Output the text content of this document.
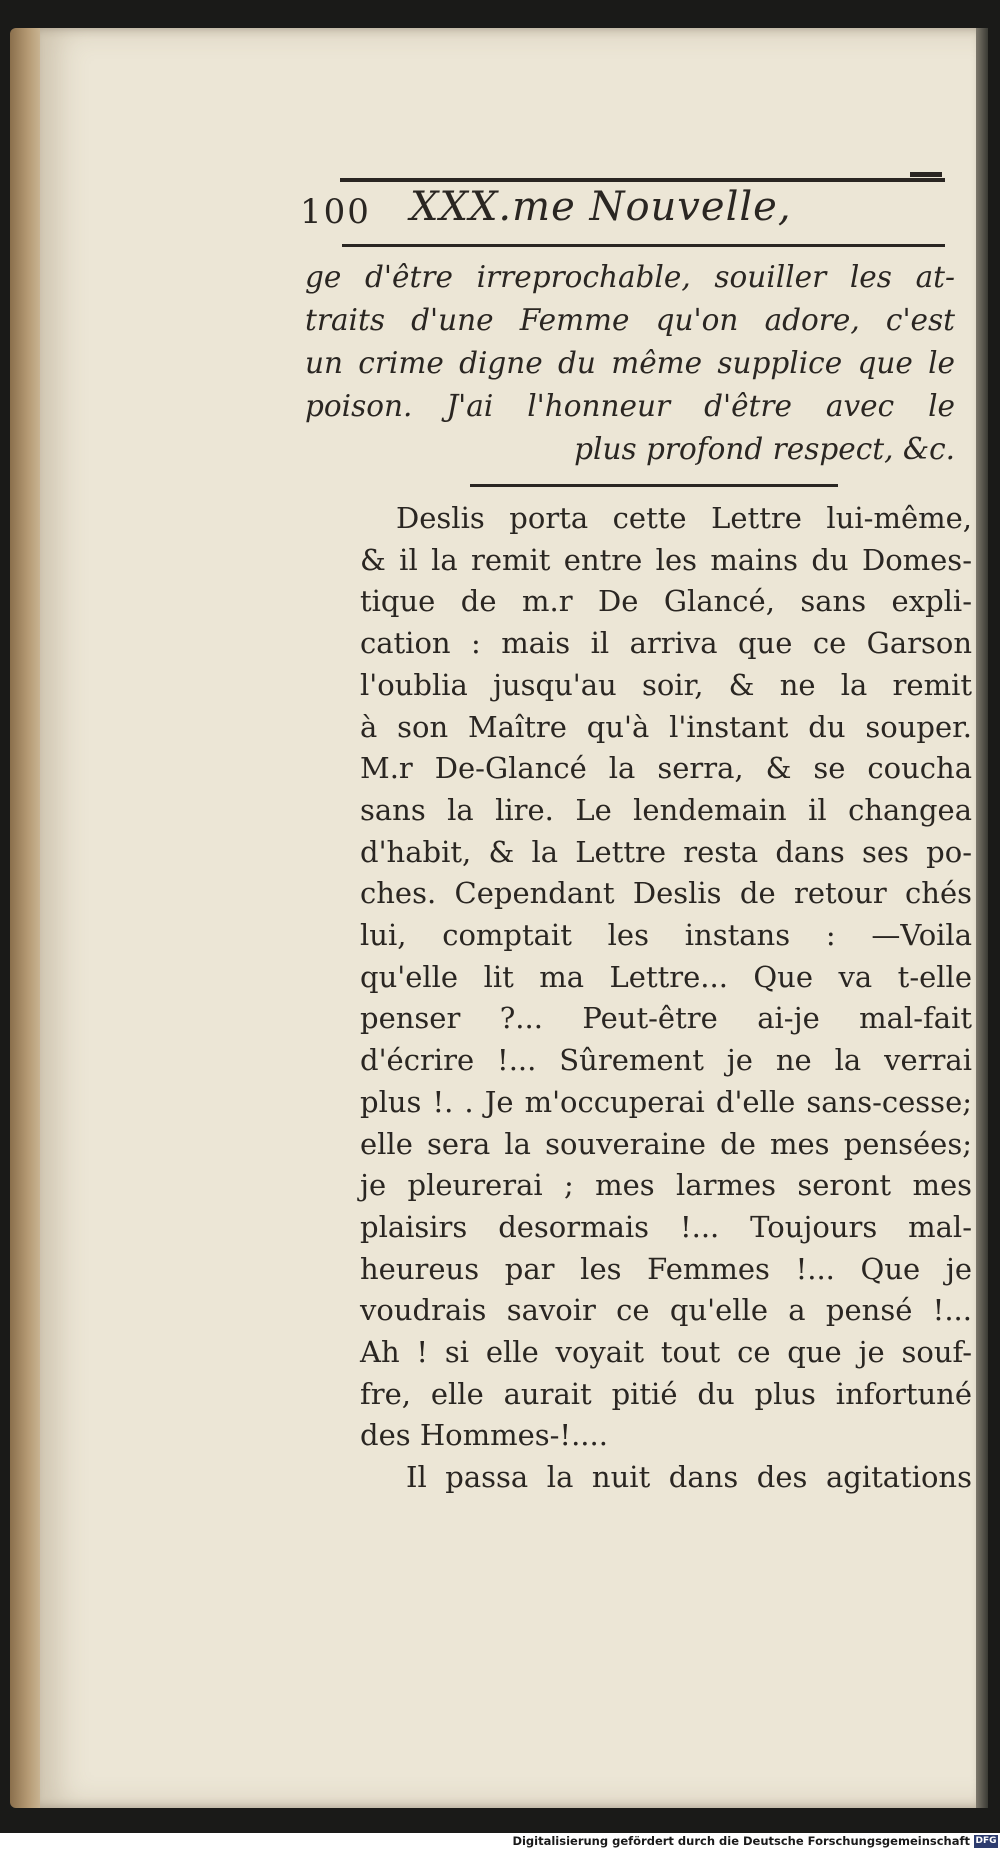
100 XXX.me Nouvelle,
ge d'être irreprochable, souiller les at-
traits d'une Femme qu'on adore, c'est
un crime digne du même supplice que le
poison. J'ai l'honneur d'être avec le
plus profond respect, &c.
Deslis porta cette Lettre lui-même,
& il la remit entre les mains du Domes-
tique de m.r De Glancé, sans expli-
cation : mais il arriva que ce Garson
l'oublia jusqu'au soir, & ne la remit
à son Maître qu'à l'instant du souper.
M.r De-Glancé la serra, & se coucha
sans la lire. Le lendemain il changea
d'habit, & la Lettre resta dans ses po-
ches. Cependant Deslis de retour chés
lui, comptait les instans : —Voila
qu'elle lit ma Lettre... Que va t-elle
penser ?... Peut-être ai-je mal-fait
d'écrire !... Sûrement je ne la verrai
plus !. . Je m'occuperai d'elle sans-cesse;
elle sera la souveraine de mes pensées;
je pleurerai ; mes larmes seront mes
plaisirs desormais !... Toujours mal-
heureus par les Femmes !... Que je
voudrais savoir ce qu'elle a pensé !...
Ah ! si elle voyait tout ce que je souf-
fre, elle aurait pitié du plus infortuné
des Hommes-!....
Il passa la nuit dans des agitations
Digitalisierung gefördert durch die Deutsche Forschungsgemeinschaft DFG
